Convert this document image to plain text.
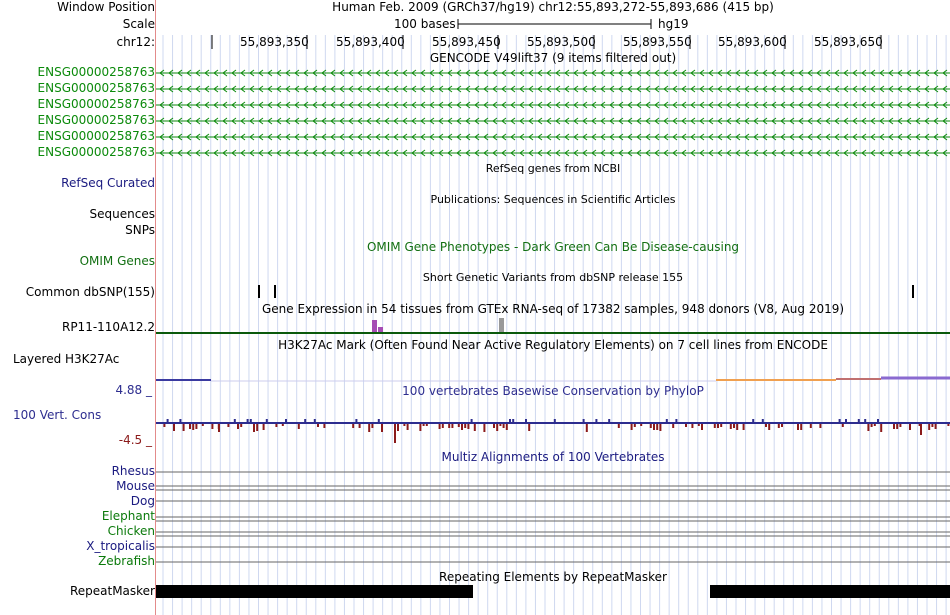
Window Position
Scale
chr12:
ENSG00000258763
ENSG00000258763
ENSG00000258763
ENSG00000258763
ENSG00000258763
ENSG00000258763
RefSeq Curated
Sequences
SNPs
OMIM Genes
Common dbSNP(155)
RP11-110A12.2
Layered H3K27Ac
4.88 _
100 Vert. Cons
-4.5 _
Rhesus
Mouse
Dog
Elephant
Chicken
X_tropicalis
Zebrafish
RepeatMasker
Human Feb. 2009 (GRCh37/hg19) chr12:55,893,272-55,893,686 (415 bp)
100 bases	hg19
55,893,350 55,893,400 55,893,450 55,893,500 55,893,550 55,893,600 55,893,650
GENCODE V49lift37 (9 items filtered out)
RefSeq genes from NCBI
Publications: Sequences in Scientific Articles
OMIM Gene Phenotypes - Dark Green Can Be Disease-causing
Short Genetic Variants from dbSNP release 155
Gene Expression in 54 tissues from GTEx RNA-seq of 17382 samples, 948 donors (V8, Aug 2019)
H3K27Ac Mark (Often Found Near Active Regulatory Elements) on 7 cell lines from ENCODE
100 vertebrates Basewise Conservation by PhyloP
Multiz Alignments of 100 Vertebrates
Repeating Elements by RepeatMasker
